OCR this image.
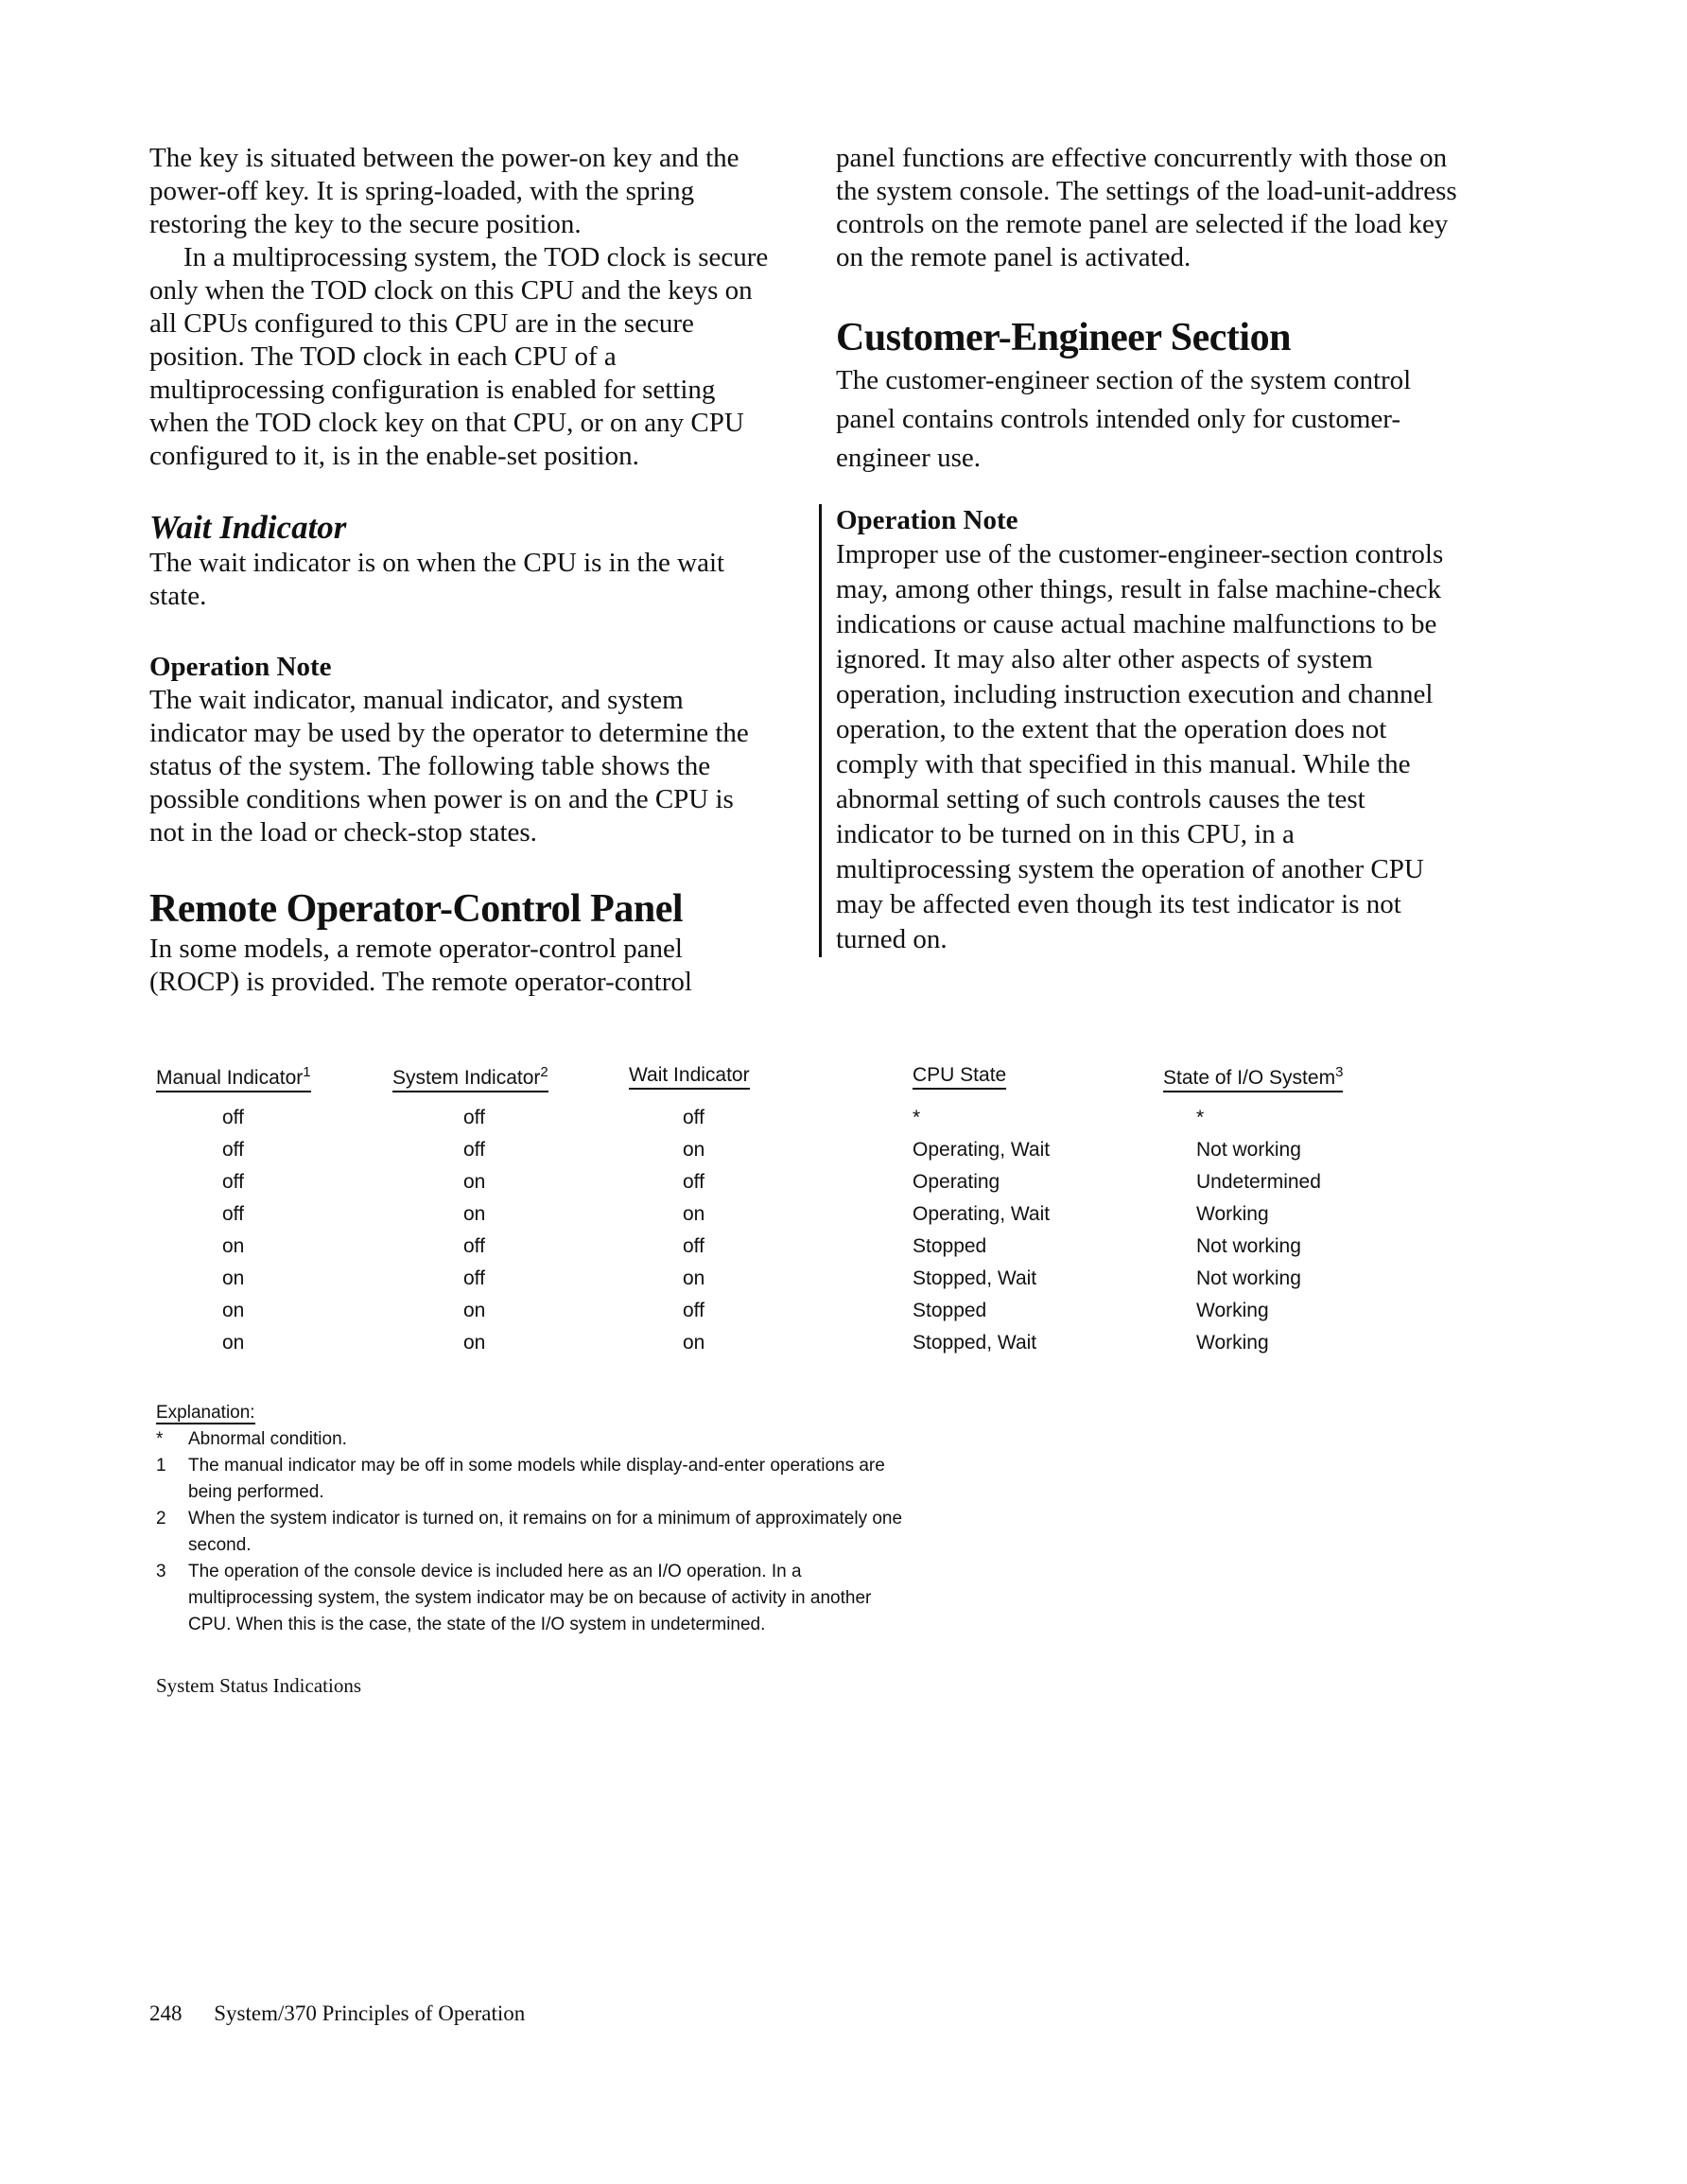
The key is situated between the power-on key and the power-off key. It is spring-loaded, with the spring restoring the key to the secure position.

In a multiprocessing system, the TOD clock is secure only when the TOD clock on this CPU and the keys on all CPUs configured to this CPU are in the secure position. The TOD clock in each CPU of a multiprocessing configuration is enabled for setting when the TOD clock key on that CPU, or on any CPU configured to it, is in the enable-set position.

Wait Indicator

The wait indicator is on when the CPU is in the wait state.

Operation Note

The wait indicator, manual indicator, and system indicator may be used by the operator to determine the status of the system. The following table shows the possible conditions when power is on and the CPU is not in the load or check-stop states.

Remote Operator-Control Panel

In some models, a remote operator-control panel (ROCP) is provided. The remote operator-control

panel functions are effective concurrently with those on the system console. The settings of the load-unit-address controls on the remote panel are selected if the load key on the remote panel is activated.

Customer-Engineer Section

The customer-engineer section of the system control panel contains controls intended only for customer-engineer use.

Operation Note

Improper use of the customer-engineer-section controls may, among other things, result in false machine-check indications or cause actual machine malfunctions to be ignored. It may also alter other aspects of system operation, including instruction execution and channel operation, to the extent that the operation does not comply with that specified in this manual. While the abnormal setting of such controls causes the test indicator to be turned on in this CPU, in a multiprocessing system the operation of another CPU may be affected even though its test indicator is not turned on.

Manual Indicator$^1$	System Indicator$^2$	Wait Indicator	CPU State	State of I/O System$^3$
off	off	off	*	*
off	off	on	Operating, Wait	Not working
off	on	off	Operating	Undetermined
off	on	on	Operating, Wait	Working
on	off	off	Stopped	Not working
on	off	on	Stopped, Wait	Not working
on	on	off	Stopped	Working
on	on	on	Stopped, Wait	Working
Explanation:
*	Abnormal condition.
1	The manual indicator may be off in some models while display-and-enter operations are being performed.
2	When the system indicator is turned on, it remains on for a minimum of approximately one second.
3	The operation of the console device is included here as an I/O operation. In a multiprocessing system, the system indicator may be on because of activity in another CPU. When this is the case, the state of the I/O system in undetermined.
System Status Indications
248 System/370 Principles of Operation
